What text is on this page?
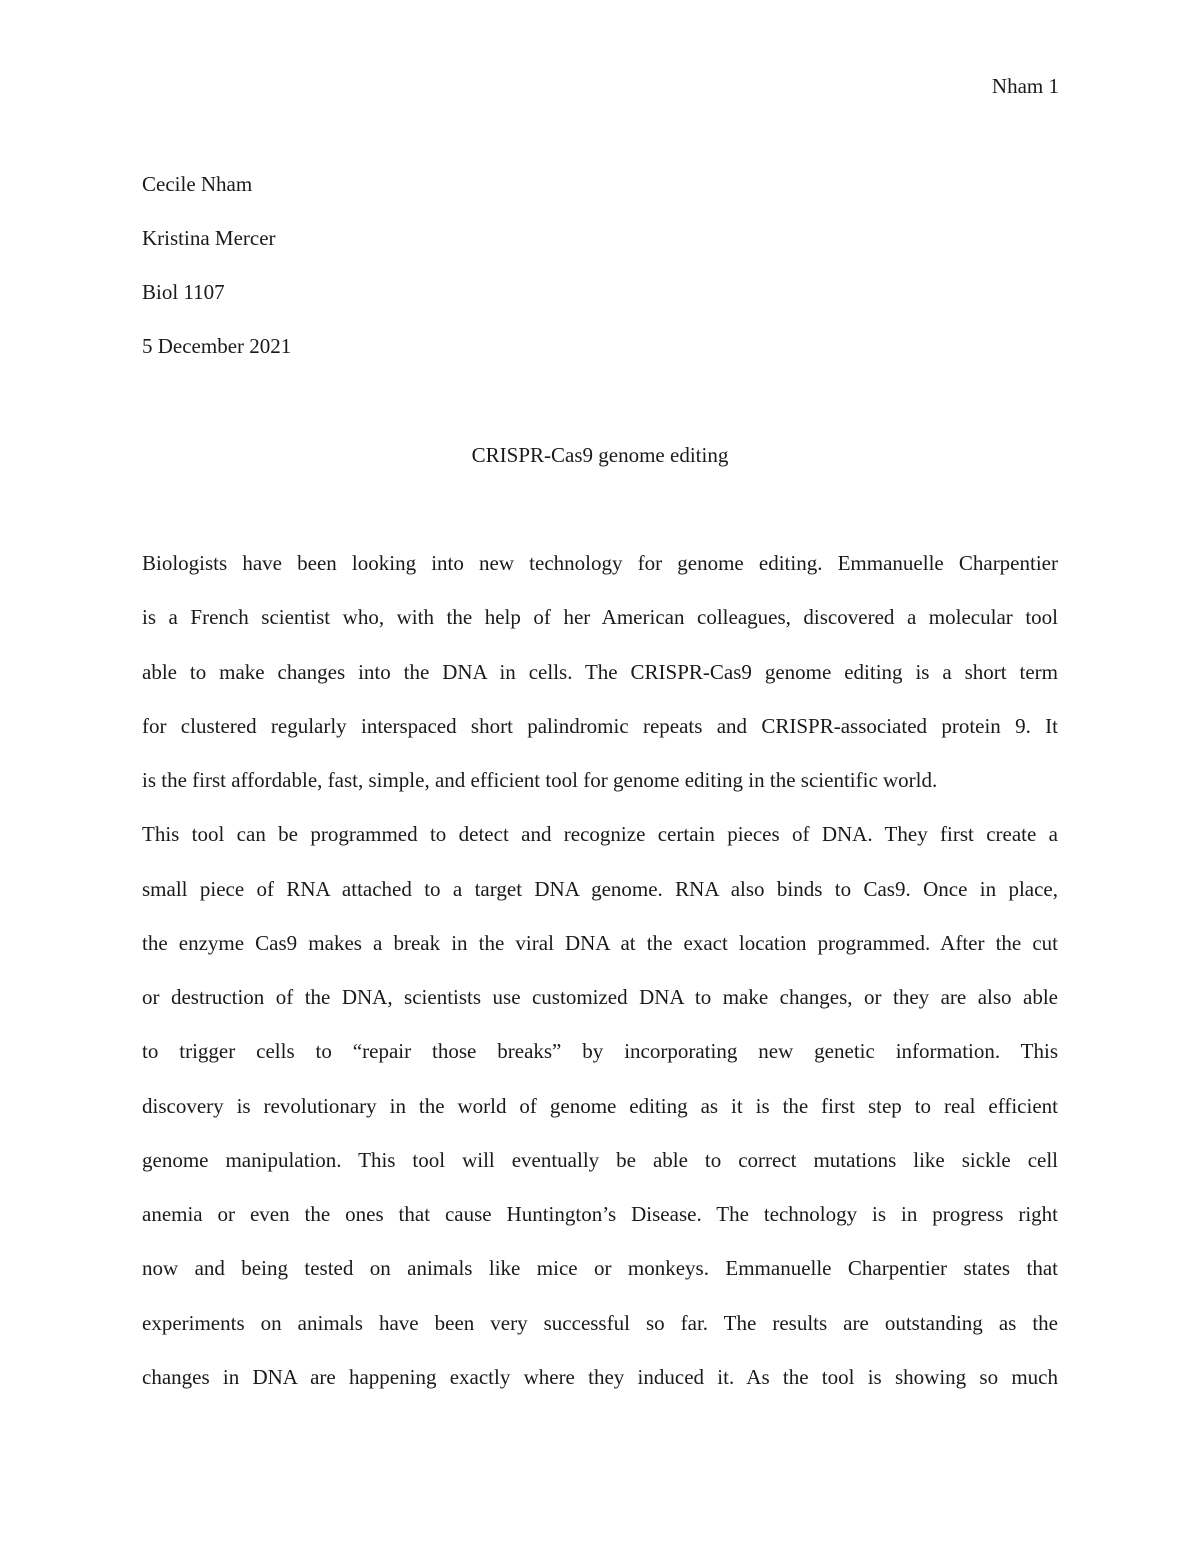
Nham 1
Cecile Nham
Kristina Mercer
Biol 1107
5 December 2021
CRISPR-Cas9 genome editing
Biologists have been looking into new technology for genome editing. Emmanuelle Charpentier
is a French scientist who, with the help of her American colleagues, discovered a molecular tool
able to make changes into the DNA in cells. The CRISPR-Cas9 genome editing is a short term
for clustered regularly interspaced short palindromic repeats and CRISPR-associated protein 9. It
is the first affordable, fast, simple, and efficient tool for genome editing in the scientific world.
This tool can be programmed to detect and recognize certain pieces of DNA. They first create a
small piece of RNA attached to a target DNA genome. RNA also binds to Cas9. Once in place,
the enzyme Cas9 makes a break in the viral DNA at the exact location programmed. After the cut
or destruction of the DNA, scientists use customized DNA to make changes, or they are also able
to trigger cells to “repair those breaks” by incorporating new genetic information. This
discovery is revolutionary in the world of genome editing as it is the first step to real efficient
genome manipulation. This tool will eventually be able to correct mutations like sickle cell
anemia or even the ones that cause Huntington’s Disease. The technology is in progress right
now and being tested on animals like mice or monkeys. Emmanuelle Charpentier states that
experiments on animals have been very successful so far. The results are outstanding as the
changes in DNA are happening exactly where they induced it. As the tool is showing so much
